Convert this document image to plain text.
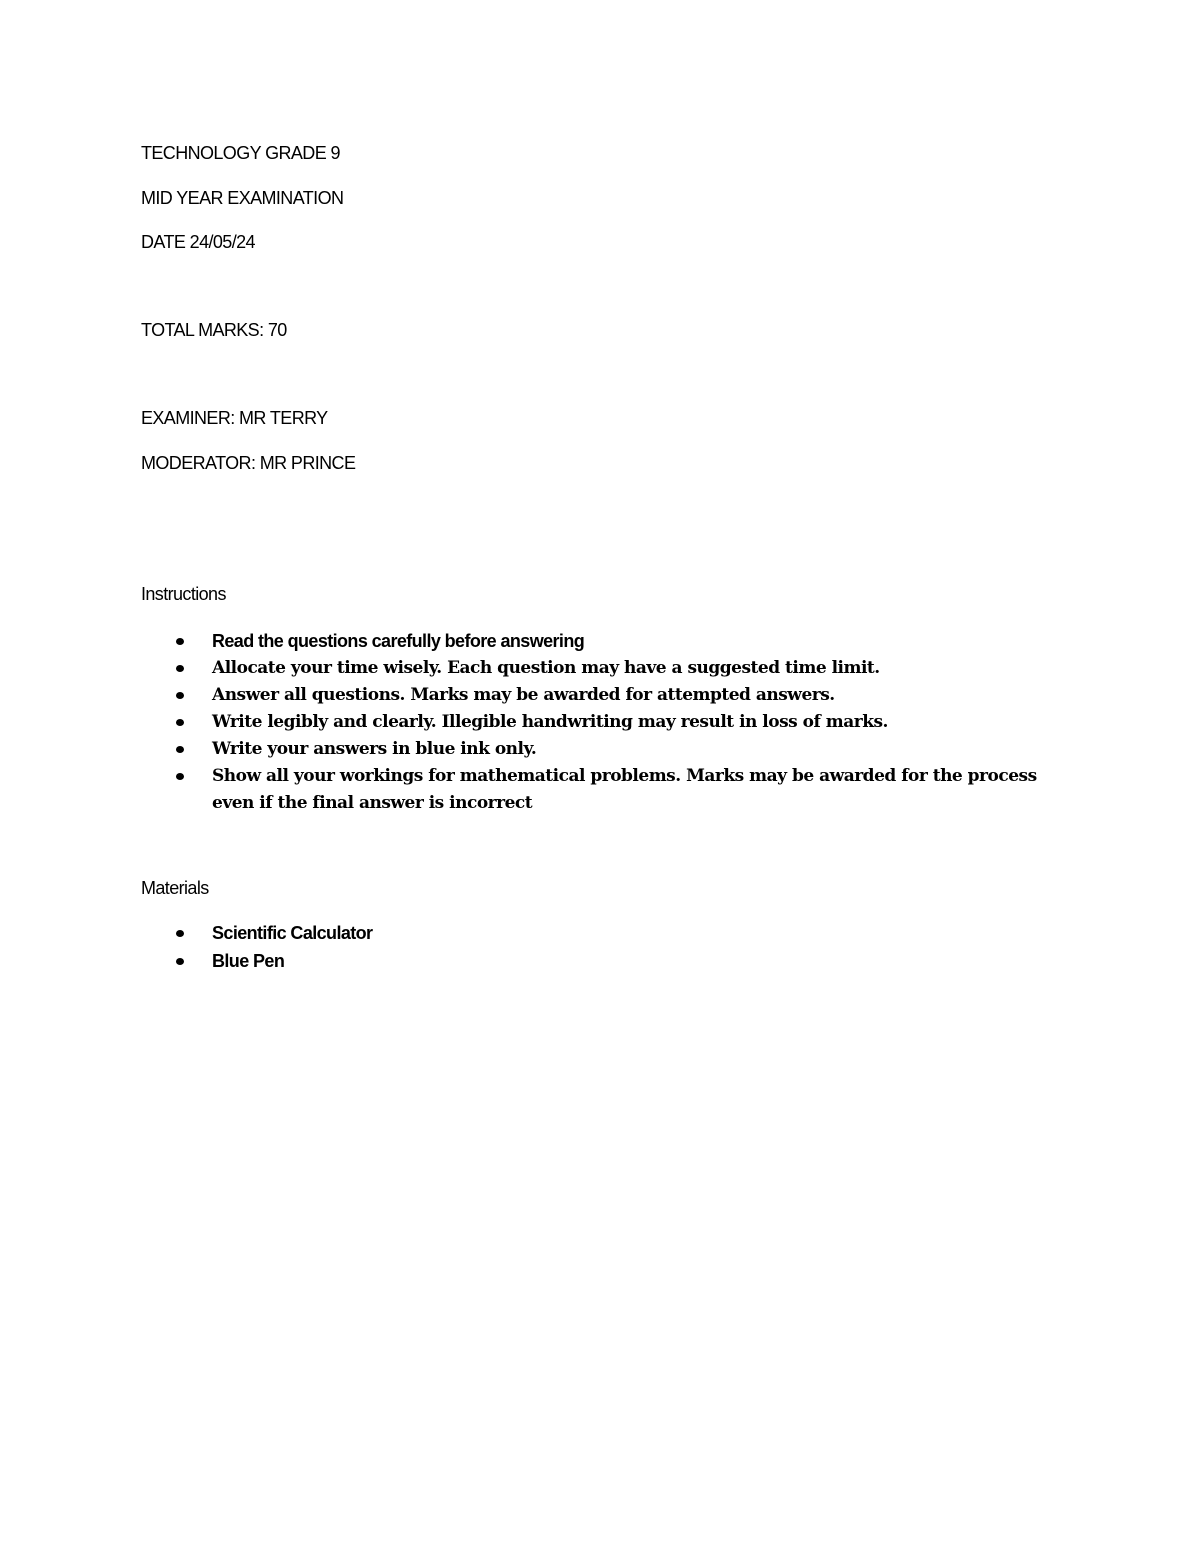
TECHNOLOGY GRADE 9
MID YEAR EXAMINATION
DATE 24/05/24
TOTAL MARKS: 70
EXAMINER: MR TERRY
MODERATOR: MR PRINCE
Instructions
Read the questions carefully before answering
Allocate your time wisely. Each question may have a suggested time limit.
Answer all questions. Marks may be awarded for attempted answers.
Write legibly and clearly. Illegible handwriting may result in loss of marks.
Write your answers in blue ink only.
Show all your workings for mathematical problems. Marks may be awarded for the process even if the final answer is incorrect
Materials
Scientific Calculator
Blue Pen
